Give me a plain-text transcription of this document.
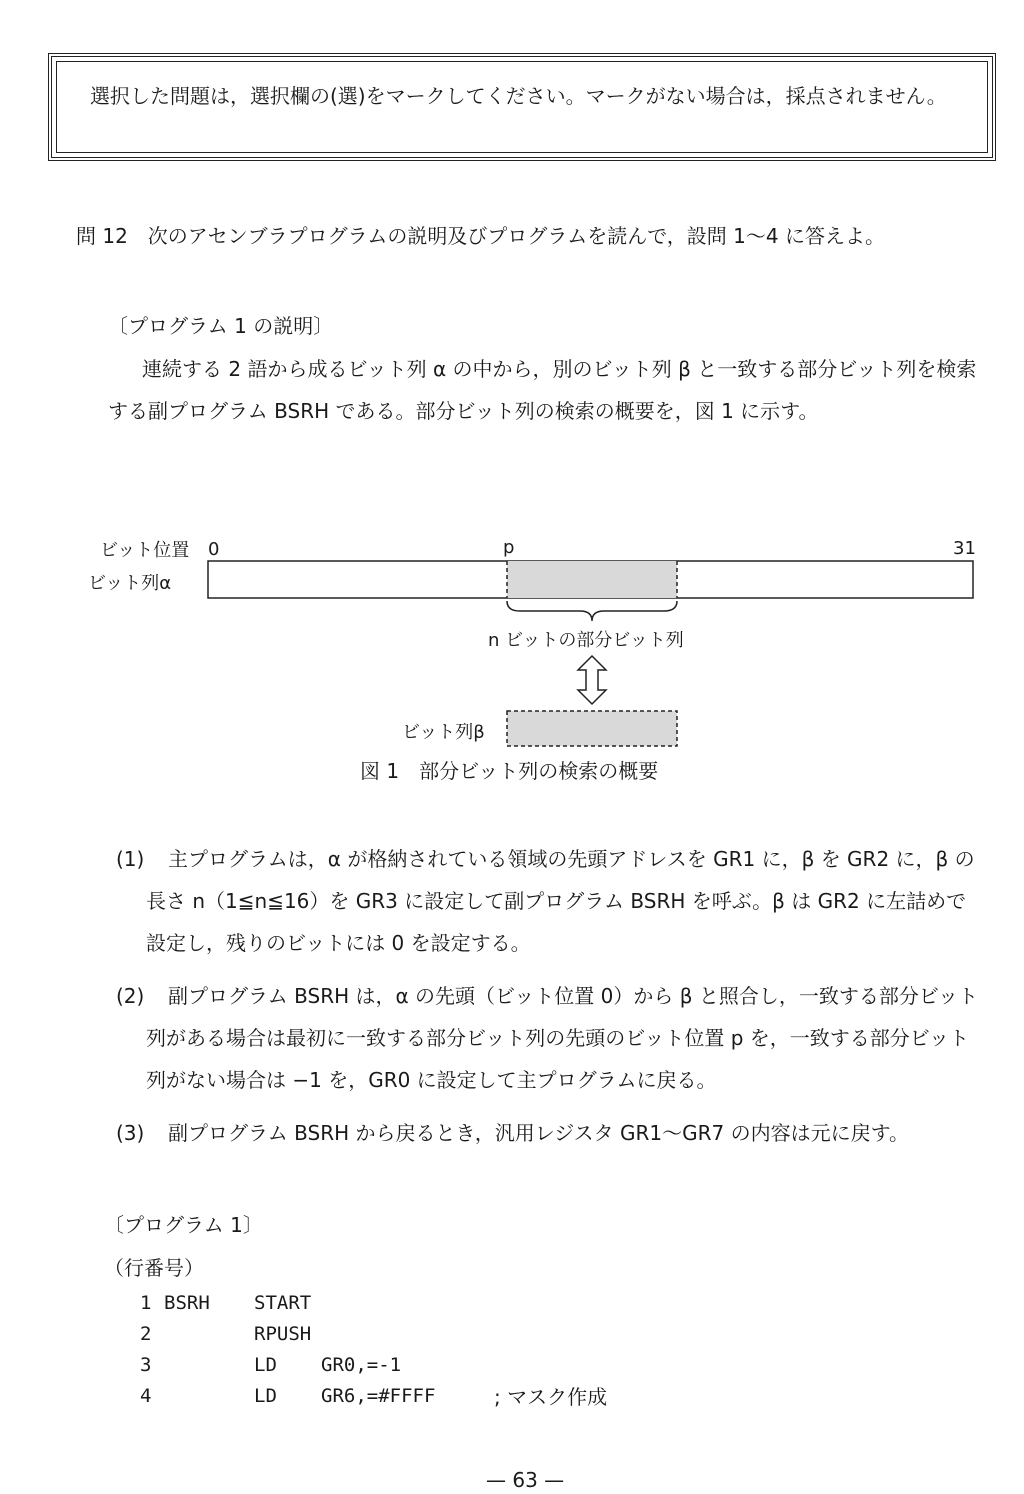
選択した問題は，選択欄の(選)をマークしてください。マークがない場合は，採点されません。
問 12　次のアセンブラプログラムの説明及びプログラムを読んで，設問 1〜4 に答えよ。
〔プログラム 1 の説明〕
連続する 2 語から成るビット列 α の中から，別のビット列 β と一致する部分ビット列を検索する副プログラム BSRH である。部分ビット列の検索の概要を，図 1 に示す。
ビット位置 0	p	31
ビット列α
n ビットの部分ビット列
ビット列β
図 1　部分ビット列の検索の概要
(1)	主プログラムは，α が格納されている領域の先頭アドレスを GR1 に，β を GR2 に，β の長さ n（1≦n≦16）を GR3 に設定して副プログラム BSRH を呼ぶ。β は GR2 に左詰めで設定し，残りのビットには 0 を設定する。
(2)	副プログラム BSRH は，α の先頭（ビット位置 0）から β と照合し，一致する部分ビット列がある場合は最初に一致する部分ビット列の先頭のビット位置 p を，一致する部分ビット列がない場合は −1 を，GR0 に設定して主プログラムに戻る。
(3)	副プログラム BSRH から戻るとき，汎用レジスタ GR1〜GR7 の内容は元に戻す。
〔プログラム 1〕
（行番号）
1 BSRH START
2	RPUSH
3	LD GR0,=-1
4	LD GR6,=#FFFF	; マスク作成
— 63 —
